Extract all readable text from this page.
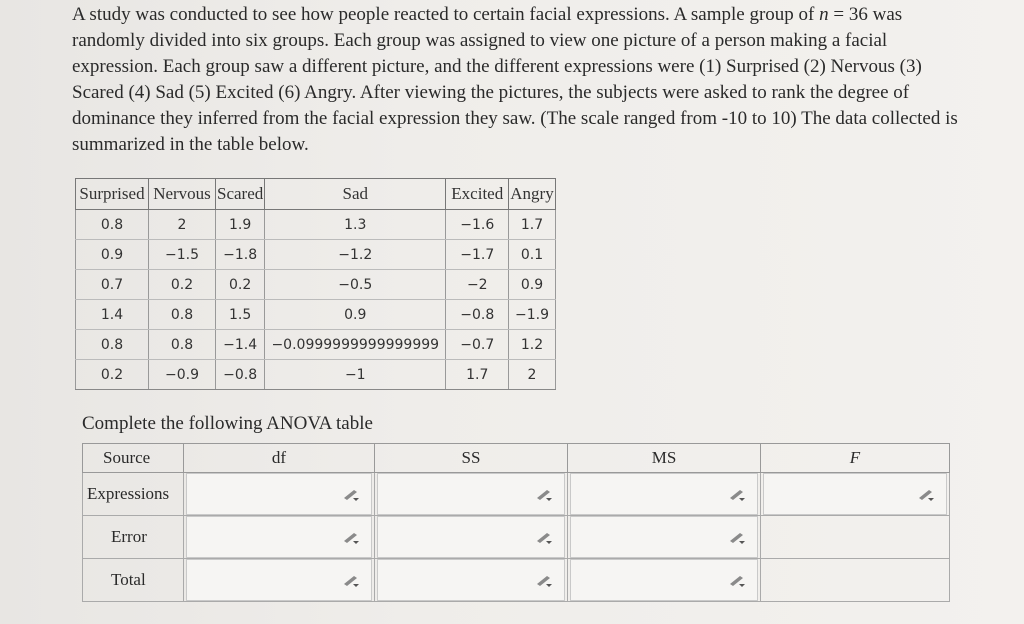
A study was conducted to see how people reacted to certain facial expressions. A sample group of n = 36 was randomly divided into six groups. Each group was assigned to view one picture of a person making a facial expression. Each group saw a different picture, and the different expressions were (1) Surprised (2) Nervous (3) Scared (4) Sad (5) Excited (6) Angry. After viewing the pictures, the subjects were asked to rank the degree of dominance they inferred from the facial expression they saw. (The scale ranged from -10 to 10) The data collected is summarized in the table below.
Surprised	Nervous	Scared	Sad	Excited	Angry
0.8	2	1.9	1.3	−1.6	1.7
0.9	−1.5	−1.8	−1.2	−1.7	0.1
0.7	0.2	0.2	−0.5	−2	0.9
1.4	0.8	1.5	0.9	−0.8	−1.9
0.8	0.8	−1.4	−0.0999999999999999	−0.7	1.2
0.2	−0.9	−0.8	−1	1.7	2
Complete the following ANOVA table
Source	df	SS	MS	F
Expressions	

Error	

Total	
